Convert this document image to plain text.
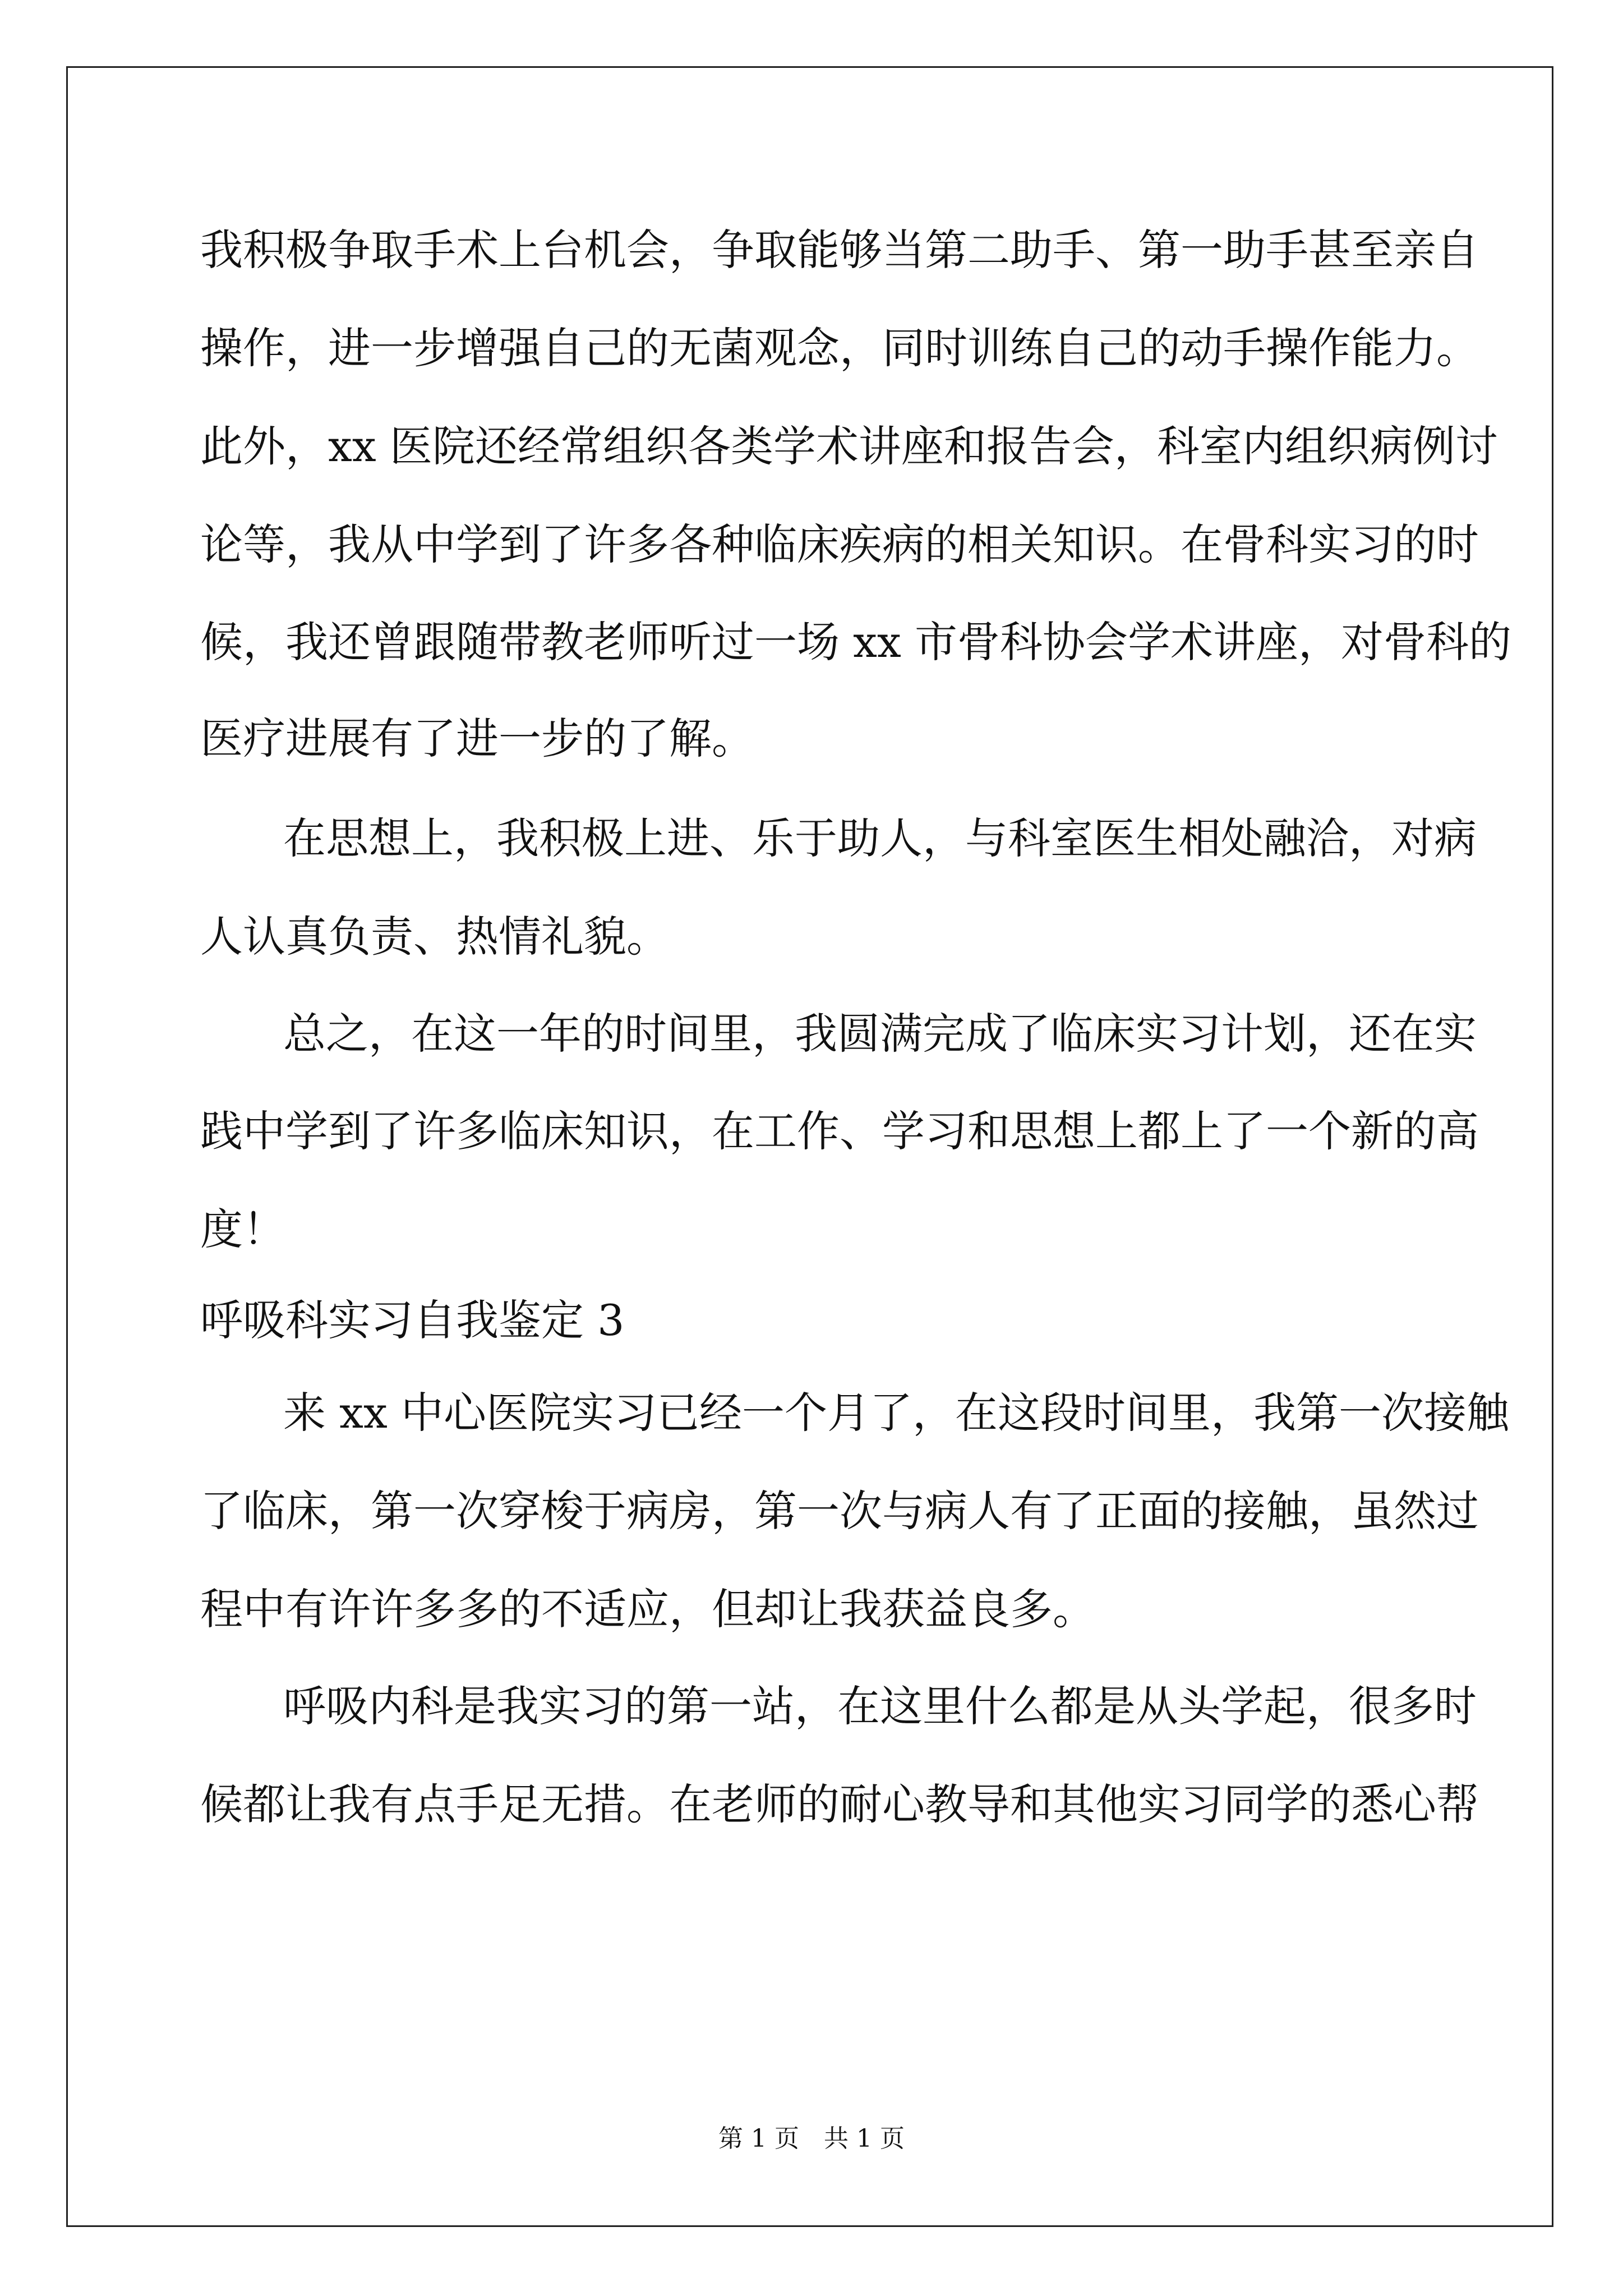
我积极争取手术上台机会，争取能够当第二助手、第一助手甚至亲自
操作，进一步增强自己的无菌观念，同时训练自己的动手操作能力。
此外，xx 医院还经常组织各类学术讲座和报告会，科室内组织病例讨
论等，我从中学到了许多各种临床疾病的相关知识。在骨科实习的时
候，我还曾跟随带教老师听过一场 xx 市骨科协会学术讲座，对骨科的
医疗进展有了进一步的了解。
在思想上，我积极上进、乐于助人，与科室医生相处融洽，对病
人认真负责、热情礼貌。
总之，在这一年的时间里，我圆满完成了临床实习计划，还在实
践中学到了许多临床知识，在工作、学习和思想上都上了一个新的高
度！
呼吸科实习自我鉴定 3
来 xx 中心医院实习已经一个月了，在这段时间里，我第一次接触
了临床，第一次穿梭于病房，第一次与病人有了正面的接触，虽然过
程中有许许多多的不适应，但却让我获益良多。
呼吸内科是我实习的第一站，在这里什么都是从头学起，很多时
候都让我有点手足无措。在老师的耐心教导和其他实习同学的悉心帮
第 1 页　共 1 页
